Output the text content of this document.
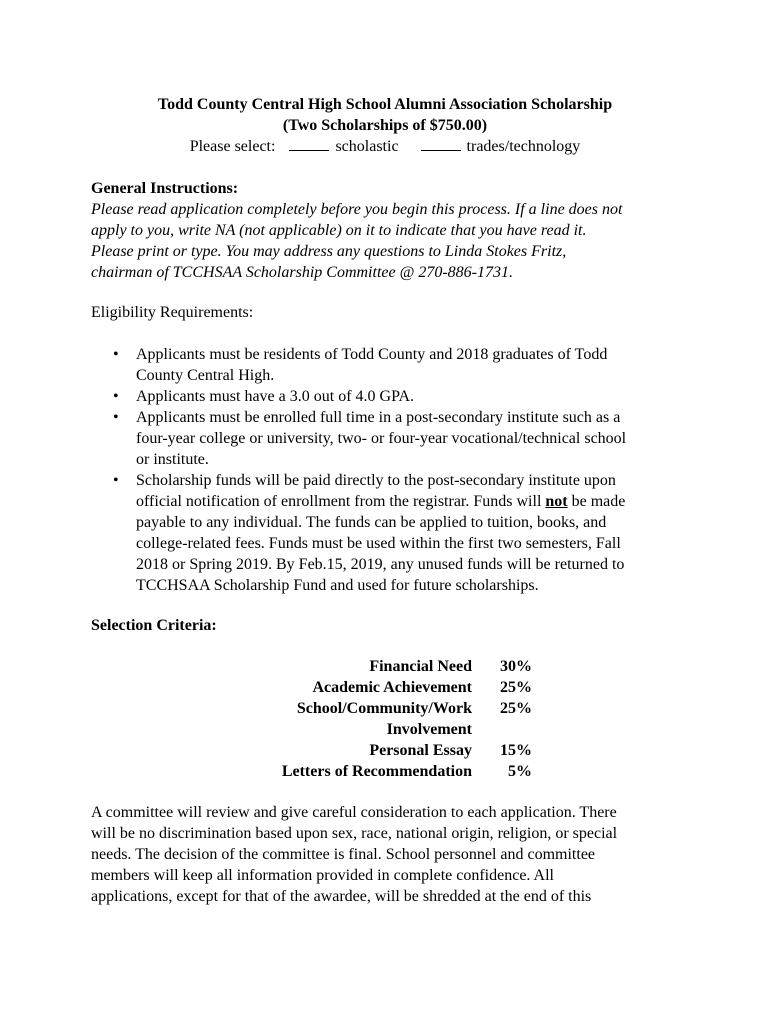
Todd County Central High School Alumni Association Scholarship
(Two Scholarships of $750.00)
Please select:	scholastic	trades/technology
General Instructions:
Please read application completely before you begin this process. If a line does not
apply to you, write NA (not applicable) on it to indicate that you have read it.
Please print or type. You may address any questions to Linda Stokes Fritz,
chairman of TCCHSAA Scholarship Committee @ 270-886-1731.
Eligibility Requirements:
• Applicants must be residents of Todd County and 2018 graduates of Todd
County Central High.
• Applicants must have a 3.0 out of 4.0 GPA.
• Applicants must be enrolled full time in a post-secondary institute such as a
four-year college or university, two- or four-year vocational/technical school
or institute.
• Scholarship funds will be paid directly to the post-secondary institute upon
official notification of enrollment from the registrar. Funds will not be made
payable to any individual. The funds can be applied to tuition, books, and
college-related fees. Funds must be used within the first two semesters, Fall
2018 or Spring 2019. By Feb.15, 2019, any unused funds will be returned to
TCCHSAA Scholarship Fund and used for future scholarships.
Selection Criteria:
Financial Need	30%
Academic Achievement	25%
School/Community/Work	25%
Involvement
Personal Essay	15%
Letters of Recommendation	5%
A committee will review and give careful consideration to each application. There
will be no discrimination based upon sex, race, national origin, religion, or special
needs. The decision of the committee is final. School personnel and committee
members will keep all information provided in complete confidence. All
applications, except for that of the awardee, will be shredded at the end of this
